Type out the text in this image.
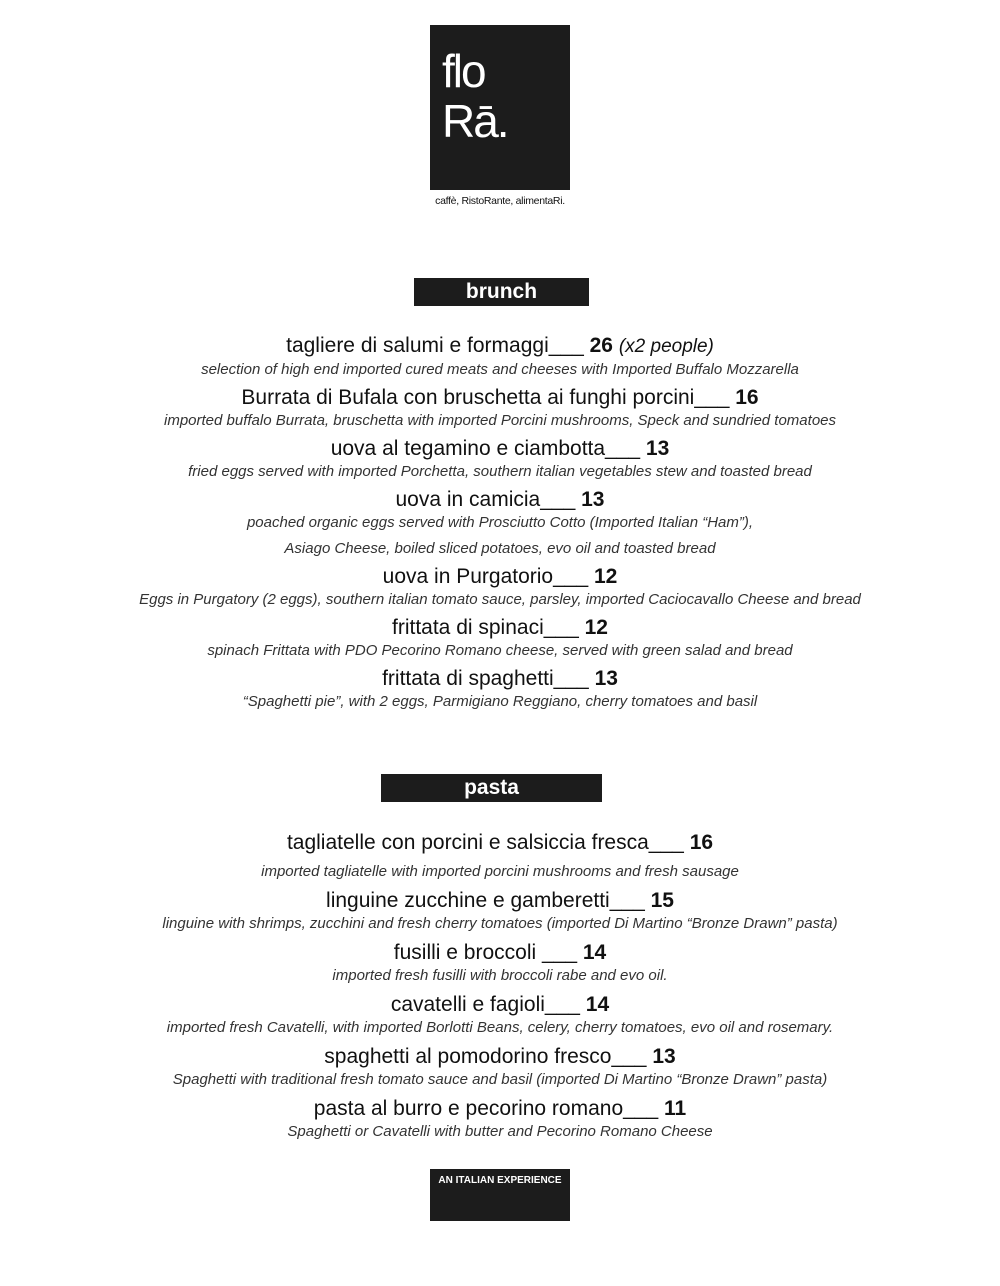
flo
Rā.
caffè, RistoRante, alimentaRi.
brunch

tagliere di salumi e formaggi___ 26 (x2 people)

selection of high end imported cured meats and cheeses with Imported Buffalo Mozzarella

Burrata di Bufala con bruschetta ai funghi porcini___ 16

imported buffalo Burrata, bruschetta with imported Porcini mushrooms, Speck and sundried tomatoes

uova al tegamino e ciambotta___ 13

fried eggs served with imported Porchetta, southern italian vegetables stew and toasted bread

uova in camicia___ 13

poached organic eggs served with Prosciutto Cotto (Imported Italian “Ham”),

Asiago Cheese, boiled sliced potatoes, evo oil and toasted bread

uova in Purgatorio___ 12

Eggs in Purgatory (2 eggs), southern italian tomato sauce, parsley, imported Caciocavallo Cheese and bread

frittata di spinaci___ 12

spinach Frittata with PDO Pecorino Romano cheese, served with green salad and bread

frittata di spaghetti___ 13

“Spaghetti pie”, with 2 eggs, Parmigiano Reggiano, cherry tomatoes and basil

pasta

tagliatelle con porcini e salsiccia fresca___ 16

imported tagliatelle with imported porcini mushrooms and fresh sausage

linguine zucchine e gamberetti___ 15

linguine with shrimps, zucchini and fresh cherry tomatoes (imported Di Martino “Bronze Drawn” pasta)

fusilli e broccoli ___ 14

imported fresh fusilli with broccoli rabe and evo oil.

cavatelli e fagioli___ 14

imported fresh Cavatelli, with imported Borlotti Beans, celery, cherry tomatoes, evo oil and rosemary.

spaghetti al pomodorino fresco___ 13

Spaghetti with traditional fresh tomato sauce and basil (imported Di Martino “Bronze Drawn” pasta)

pasta al burro e pecorino romano___ 11

Spaghetti or Cavatelli with butter and Pecorino Romano Cheese

AN ITALIAN EXPERIENCE
